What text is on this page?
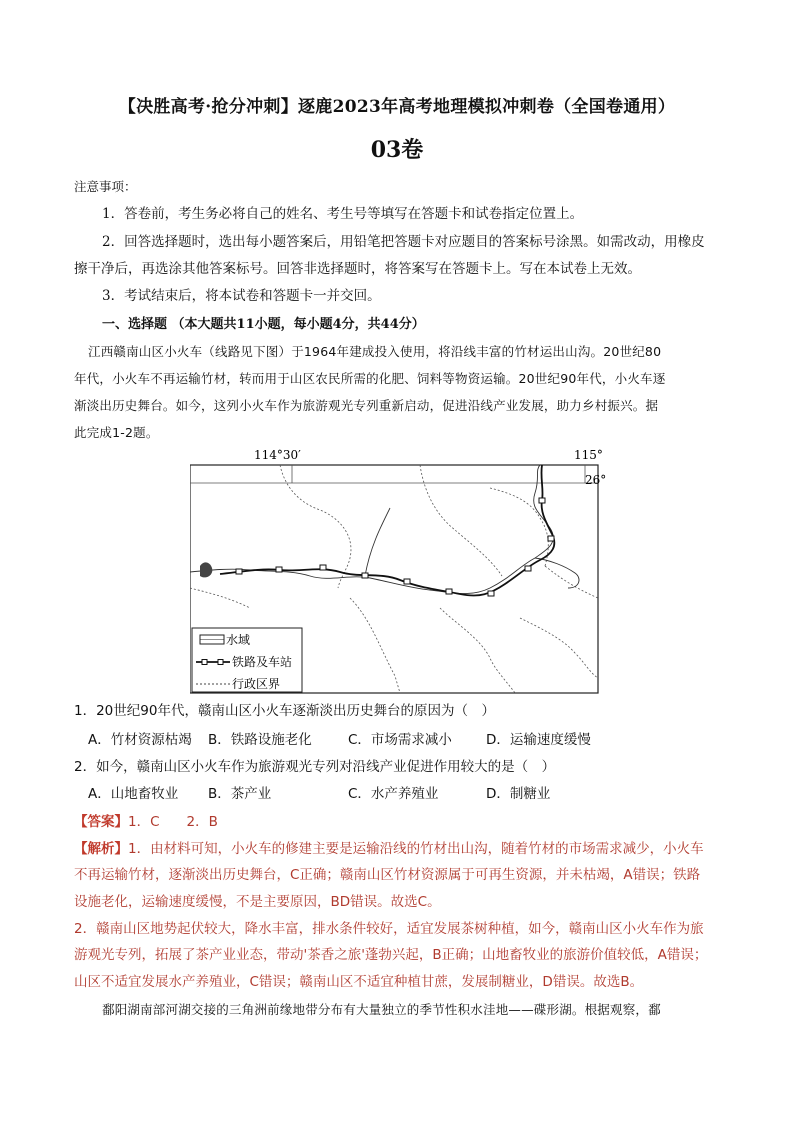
【决胜高考·抢分冲刺】逐鹿2023年高考地理模拟冲刺卷（全国卷通用）
03卷
注意事项：
1．答卷前，考生务必将自己的姓名、考生号等填写在答题卡和试卷指定位置上。
2．回答选择题时，选出每小题答案后，用铅笔把答题卡对应题目的答案标号涂黑。如需改动，用橡皮
擦干净后，再选涂其他答案标号。回答非选择题时，将答案写在答题卡上。写在本试卷上无效。
3．考试结束后，将本试卷和答题卡一并交回。
一、选择题 （本大题共11小题，每小题4分，共44分）
江西赣南山区小火车（线路见下图）于1964年建成投入使用，将沿线丰富的竹材运出山沟。20世纪80
年代，小火车不再运输竹材，转而用于山区农民所需的化肥、饲料等物资运输。20世纪90年代，小火车逐
渐淡出历史舞台。如今，这列小火车作为旅游观光专列重新启动，促进沿线产业发展，助力乡村振兴。据
此完成1-2题。
114°30′	115°
26°
水域
铁路及车站
行政区界
1．20世纪90年代，赣南山区小火车逐渐淡出历史舞台的原因为（　）
A．竹材资源枯竭 B．铁路设施老化	C．市场需求减小	D．运输速度缓慢
2．如今，赣南山区小火车作为旅游观光专列对沿线产业促进作用较大的是（　）
A．山地畜牧业 B．茶产业	C．水产养殖业	D．制糖业
【答案】1．C　　2．B
【解析】1．由材料可知，小火车的修建主要是运输沿线的竹材出山沟，随着竹材的市场需求减少，小火车
不再运输竹材，逐渐淡出历史舞台，C正确；赣南山区竹材资源属于可再生资源，并未枯竭，A错误；铁路
设施老化，运输速度缓慢，不是主要原因，BD错误。故选C。
2．赣南山区地势起伏较大，降水丰富，排水条件较好，适宜发展茶树种植，如今，赣南山区小火车作为旅
游观光专列，拓展了茶产业业态，带动'茶香之旅'蓬勃兴起，B正确；山地畜牧业的旅游价值较低，A错误；
山区不适宜发展水产养殖业，C错误；赣南山区不适宜种植甘蔗，发展制糖业，D错误。故选B。
鄱阳湖南部河湖交接的三角洲前缘地带分布有大量独立的季节性积水洼地——碟形湖。根据观察，鄱
